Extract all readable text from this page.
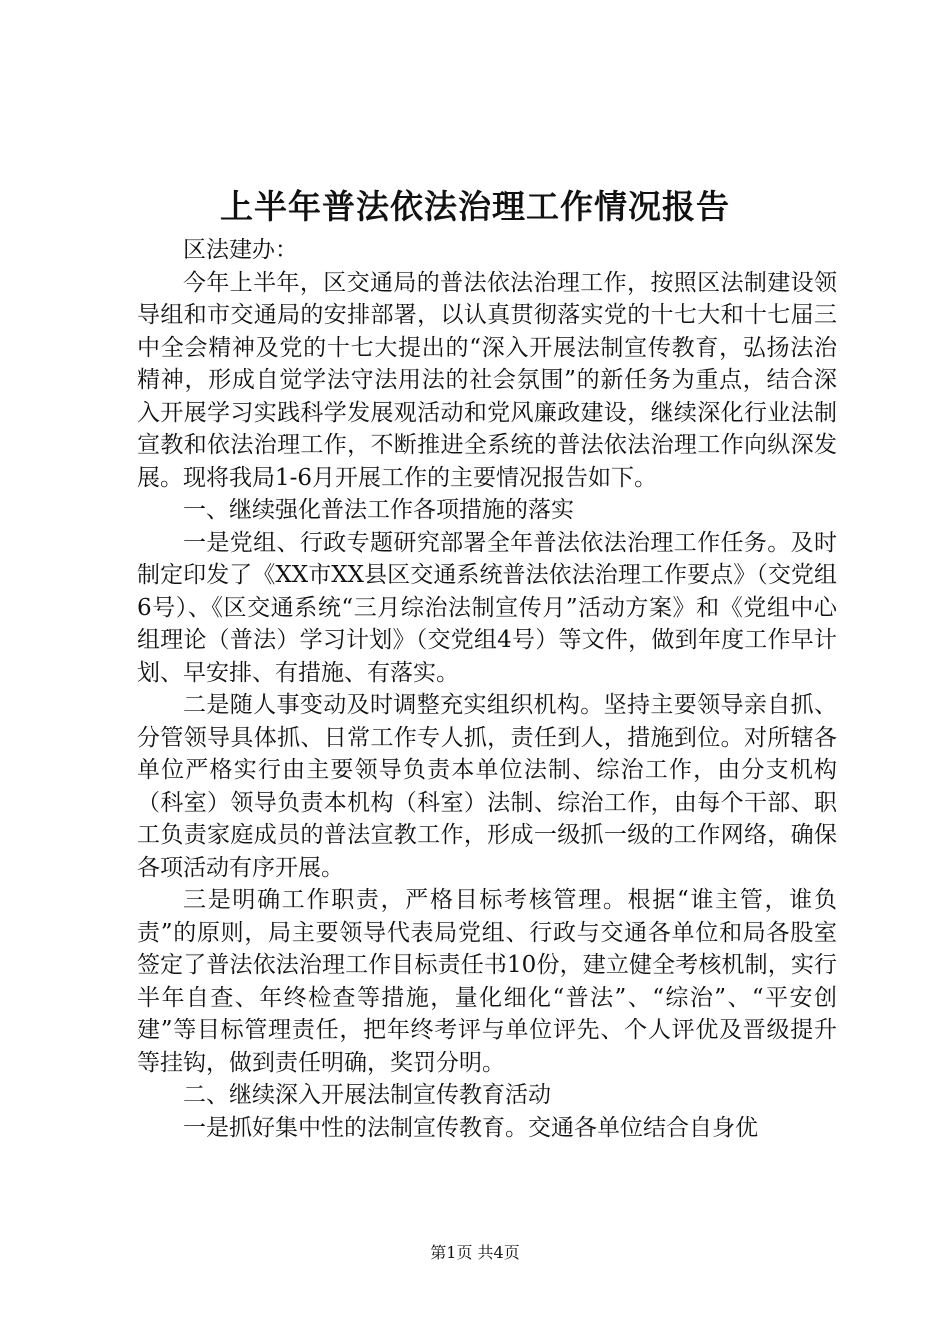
上半年普法依法治理工作情况报告

区法建办：

今年上半年，区交通局的普法依法治理工作，按照区法制建设领导组和市交通局的安排部署，以认真贯彻落实党的十七大和十七届三中全会精神及党的十七大提出的“深入开展法制宣传教育，弘扬法治精神，形成自觉学法守法用法的社会氛围”的新任务为重点，结合深入开展学习实践科学发展观活动和党风廉政建设，继续深化行业法制宣教和依法治理工作，不断推进全系统的普法依法治理工作向纵深发展。现将我局1-6月开展工作的主要情况报告如下。

一、继续强化普法工作各项措施的落实

一是党组、行政专题研究部署全年普法依法治理工作任务。及时制定印发了《XX市XX县区交通系统普法依法治理工作要点》（交党组6号）、《区交通系统“三月综治法制宣传月”活动方案》和《党组中心组理论（普法）学习计划》（交党组4号）等文件，做到年度工作早计划、早安排、有措施、有落实。

二是随人事变动及时调整充实组织机构。坚持主要领导亲自抓、分管领导具体抓、日常工作专人抓，责任到人，措施到位。对所辖各单位严格实行由主要领导负责本单位法制、综治工作，由分支机构（科室）领导负责本机构（科室）法制、综治工作，由每个干部、职工负责家庭成员的普法宣教工作，形成一级抓一级的工作网络，确保各项活动有序开展。

三是明确工作职责，严格目标考核管理。根据“谁主管，谁负责”的原则，局主要领导代表局党组、行政与交通各单位和局各股室签定了普法依法治理工作目标责任书10份，建立健全考核机制，实行半年自查、年终检查等措施，量化细化“普法”、“综治”、“平安创建”等目标管理责任，把年终考评与单位评先、个人评优及晋级提升等挂钩，做到责任明确，奖罚分明。

二、继续深入开展法制宣传教育活动

一是抓好集中性的法制宣传教育。交通各单位结合自身优

第1页 共4页
